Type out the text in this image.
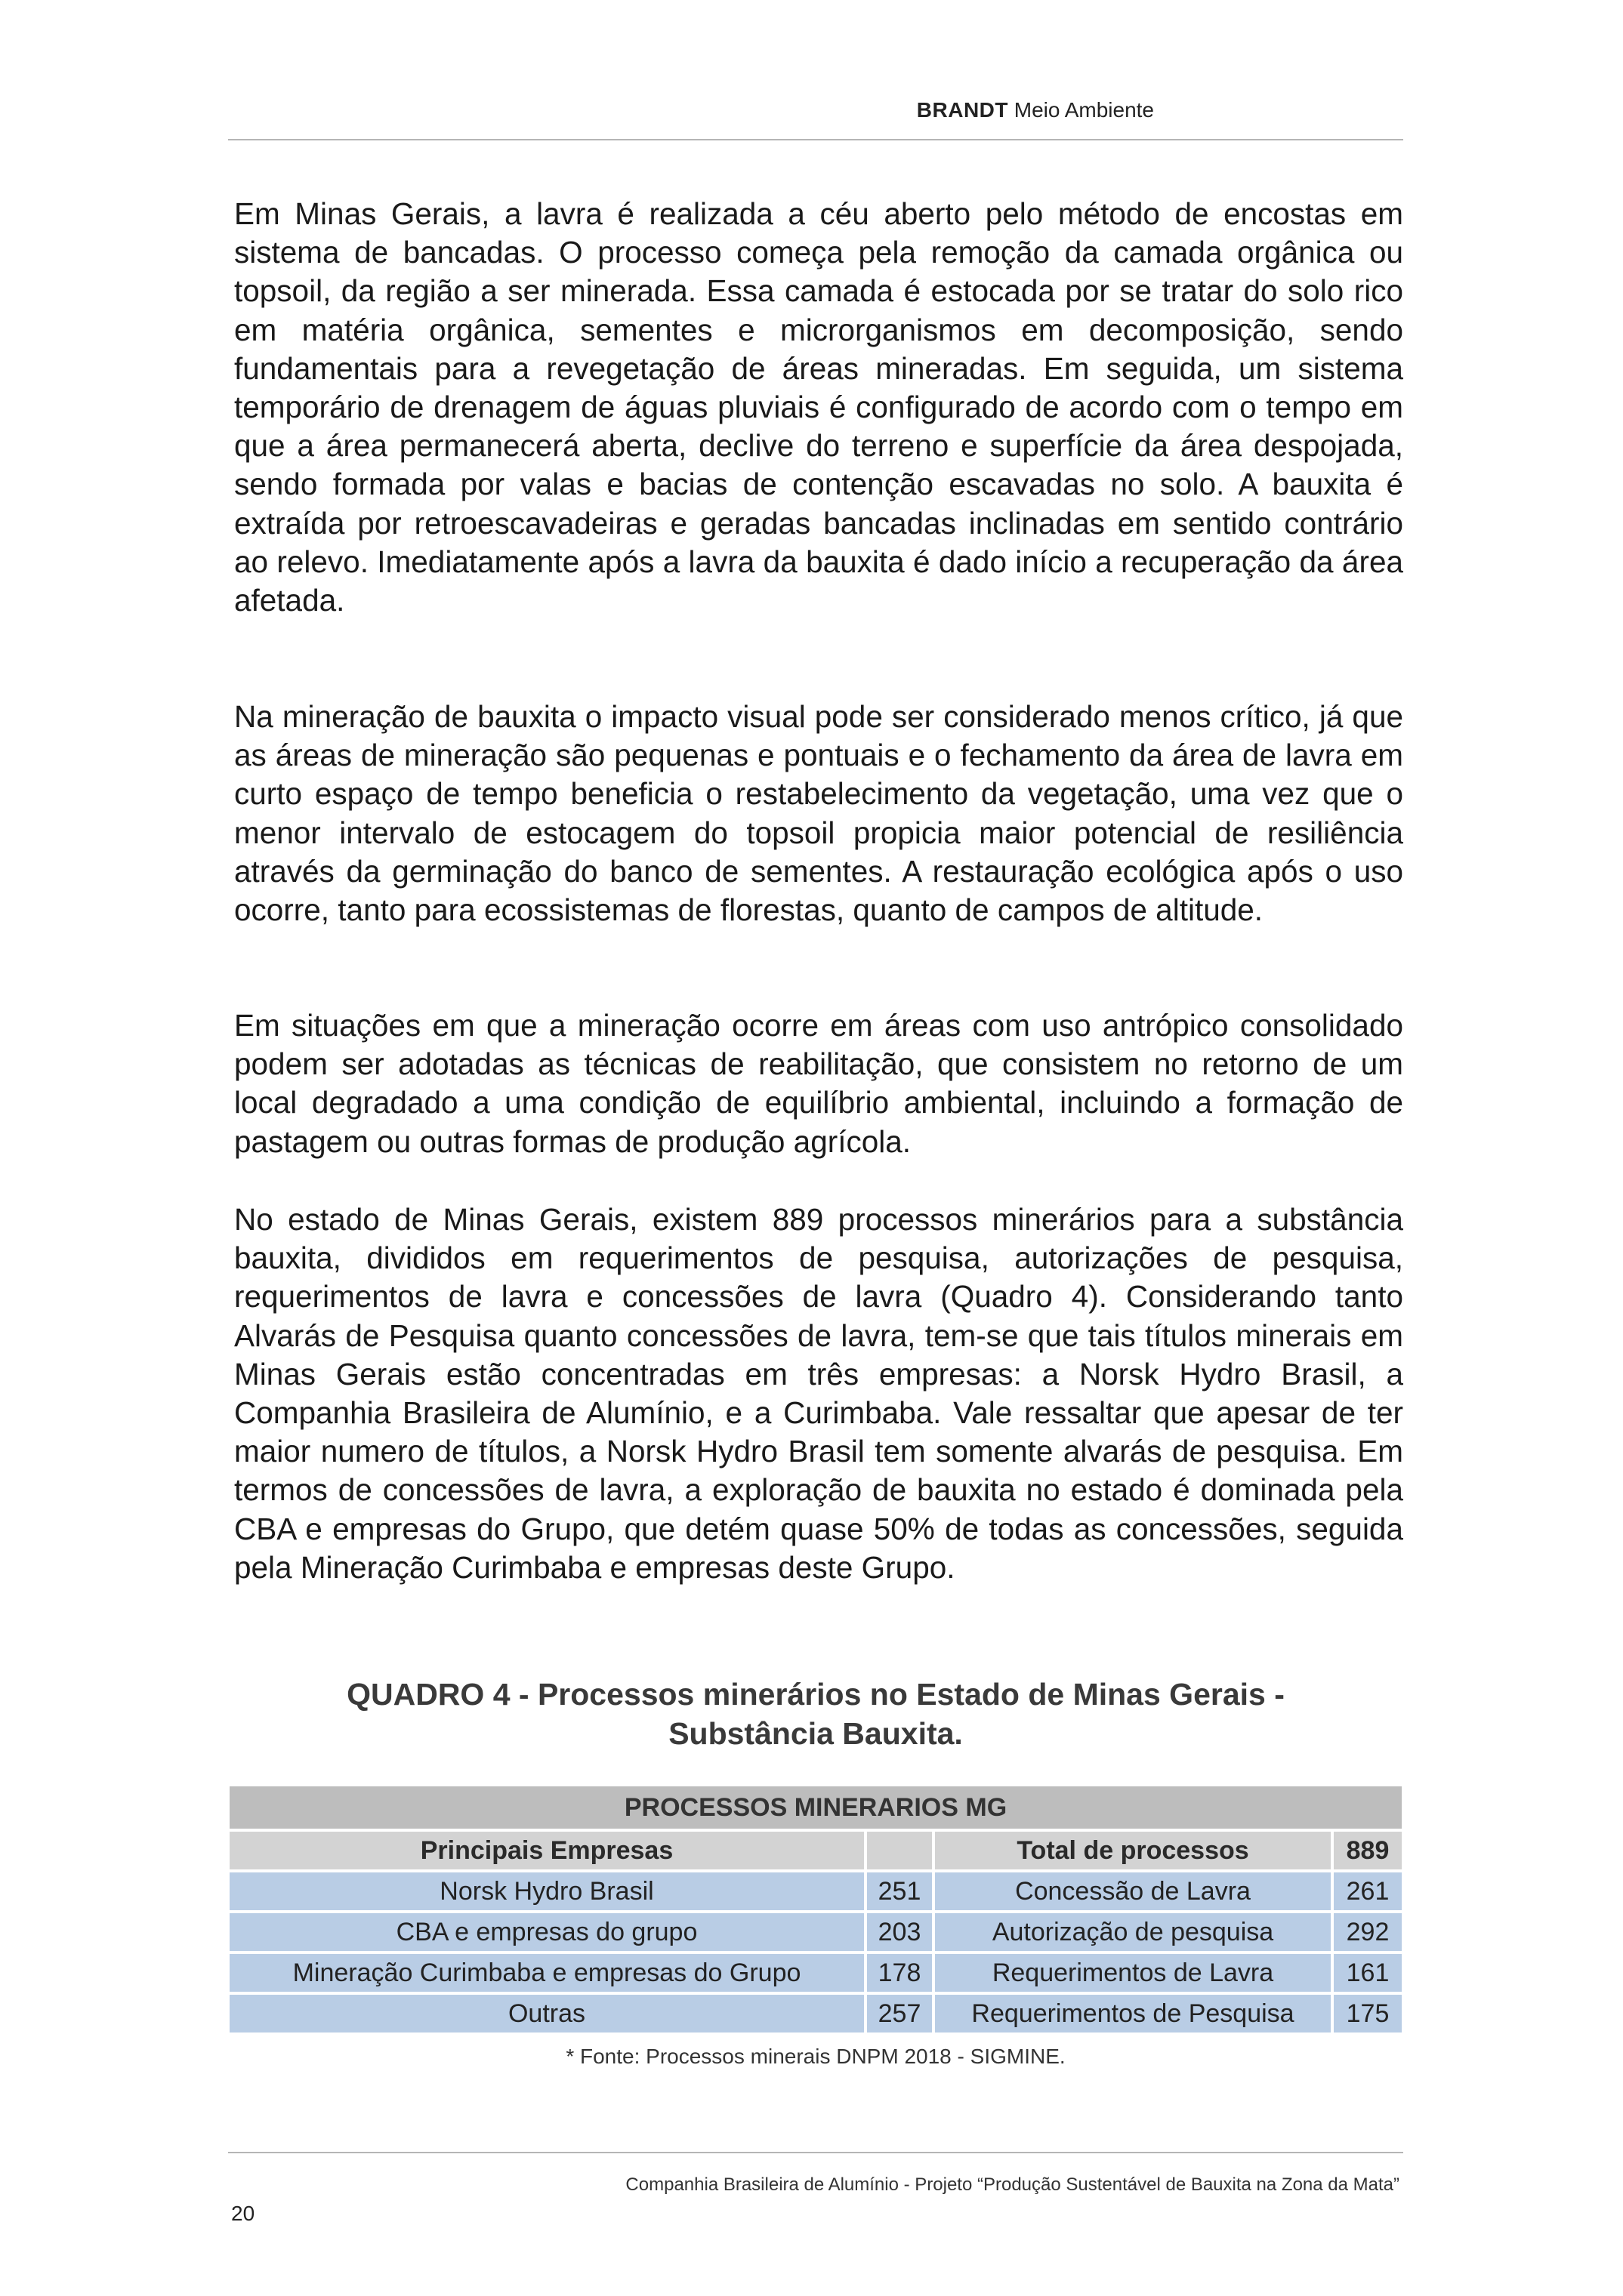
BRANDT Meio Ambiente

Em Minas Gerais, a lavra é realizada a céu aberto pelo método de encostas em sistema de bancadas. O processo começa pela remoção da camada orgânica ou topsoil, da região a ser minerada. Essa camada é estocada por se tratar do solo rico em matéria orgânica, sementes e microrganismos em decomposição, sendo fundamentais para a revegetação de áreas mineradas. Em seguida, um sistema temporário de drenagem de águas pluviais é configurado de acordo com o tempo em que a área permanecerá aberta, declive do terreno e superfície da área despojada, sendo formada por valas e bacias de contenção escavadas no solo. A bauxita é extraída por retroescavadeiras e geradas bancadas inclinadas em sentido contrário ao relevo. Imediatamente após a lavra da bauxita é dado início a recuperação da área afetada.

Na mineração de bauxita o impacto visual pode ser considerado menos crítico, já que as áreas de mineração são pequenas e pontuais e o fechamento da área de lavra em curto espaço de tempo beneficia o restabelecimento da vegetação, uma vez que o menor intervalo de estocagem do topsoil propicia maior potencial de resiliência através da germinação do banco de sementes. A restauração ecológica após o uso ocorre, tanto para ecossistemas de florestas, quanto de campos de altitude.

Em situações em que a mineração ocorre em áreas com uso antrópico consolidado podem ser adotadas as técnicas de reabilitação, que consistem no retorno de um local degradado a uma condição de equilíbrio ambiental, incluindo a formação de pastagem ou outras formas de produção agrícola.

No estado de Minas Gerais, existem 889 processos minerários para a substância bauxita, divididos em requerimentos de pesquisa, autorizações de pesquisa, requerimentos de lavra e concessões de lavra (Quadro 4). Considerando tanto Alvarás de Pesquisa quanto concessões de lavra, tem-se que tais títulos minerais em Minas Gerais estão concentradas em três empresas: a Norsk Hydro Brasil, a Companhia Brasileira de Alumínio, e a Curimbaba. Vale ressaltar que apesar de ter maior numero de títulos, a Norsk Hydro Brasil tem somente alvarás de pesquisa. Em termos de concessões de lavra, a exploração de bauxita no estado é dominada pela CBA e empresas do Grupo, que detém quase 50% de todas as concessões, seguida pela Mineração Curimbaba e empresas deste Grupo.

QUADRO 4 - Processos minerários no Estado de Minas Gerais -
Substância Bauxita.
PROCESSOS MINERARIOS MG			
Principais Empresas		Total de processos	889
Norsk Hydro Brasil	251	Concessão de Lavra	261
CBA e empresas do grupo	203	Autorização de pesquisa	292
Mineração Curimbaba e empresas do Grupo	178	Requerimentos de Lavra	161
Outras	257	Requerimentos de Pesquisa	175
* Fonte: Processos minerais DNPM 2018 - SIGMINE.
Companhia Brasileira de Alumínio - Projeto “Produção Sustentável de Bauxita na Zona da Mata”
20
